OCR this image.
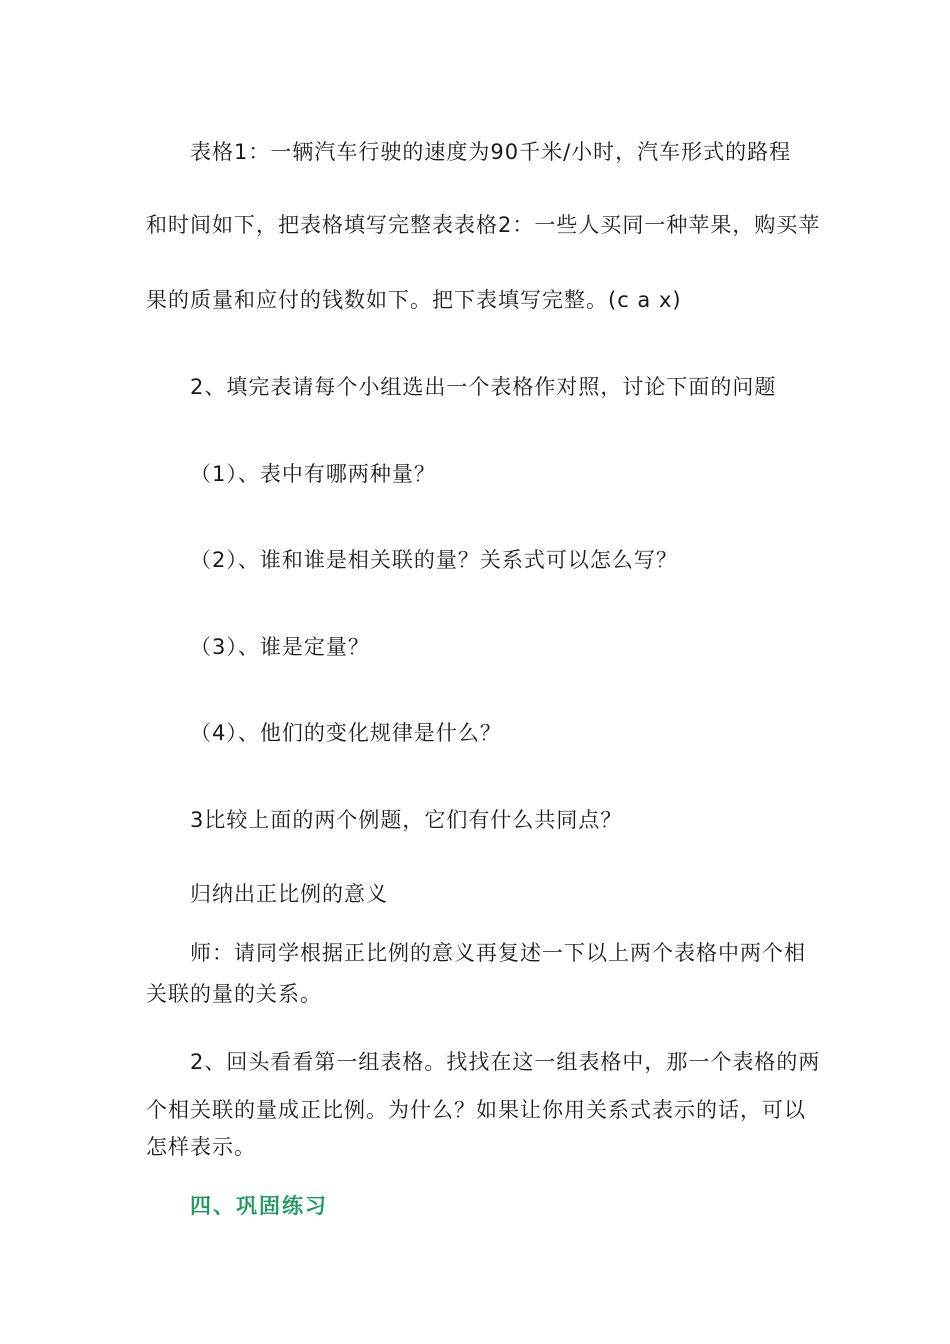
表格1：一辆汽车行驶的速度为90千米/小时，汽车形式的路程
和时间如下，把表格填写完整表表格2：一些人买同一种苹果，购买苹
果的质量和应付的钱数如下。把下表填写完整。(c a x)
2、填完表请每个小组选出一个表格作对照，讨论下面的问题
（1）、表中有哪两种量？
（2）、谁和谁是相关联的量？关系式可以怎么写？
（3）、谁是定量？
（4）、他们的变化规律是什么？
3比较上面的两个例题，它们有什么共同点？
归纳出正比例的意义
师：请同学根据正比例的意义再复述一下以上两个表格中两个相
关联的量的关系。
2、回头看看第一组表格。找找在这一组表格中，那一个表格的两
个相关联的量成正比例。为什么？如果让你用关系式表示的话，可以
怎样表示。
四、巩固练习
